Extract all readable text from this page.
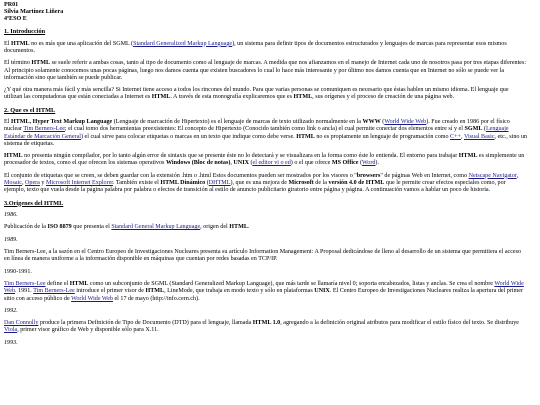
PR01
Silvia Martínez Liñera
4ºESO E
1. Introducción

El HTML no es más que una aplicación del SGML (Standard Generalized Markup Language), un sistema para definir tipos de documentos estructurados y lenguajes de marcas para representar esos mismos documentos.

El término HTML se suele referir a ambas cosas, tanto al tipo de documento como al lenguaje de marcas. A medida que nos afianzamos en el manejo de Internet cada uno de nosotros pasa por tres etapas diferentes: Al principio solamente conocemos unas pocas páginas, luego nos damos cuenta que existen buscadores lo cual lo hace más interesante y por último nos damos cuenta que en Internet no sólo se puede ver la información sino que también se puede publicar.

¿Y qué otra manera más fácil y más sencilla? Si Internet tiene acceso a todos los rincones del mundo. Para que varias personas se comuniquen es necesario que éstas hablen un mismo idioma. El lenguaje que utilizan las computadoras que están conectadas a Internet es HTML. A través de esta monografía explicaremos que es HTML, sus orígenes y el proceso de creación de una página web.

2. Que es el HTML

El HTML, Hyper Text Markup Language (Lenguaje de marcación de Hipertexto) es el lenguaje de marcas de texto utilizado normalmente en la WWW (World Wide Web). Fue creado en 1986 por el físico nuclear Tim Berners-Lee; el cual tomo dos herramientas preexistentes: El concepto de Hipertexto (Conocido también como link o ancla) el cual permite conectar dos elementos entre sí y el SGML (Lenguaje Estándar de Marcación General) el cual sirve para colocar etiquetas o marcas en un texto que indique como debe verse. HTML no es propiamente un lenguaje de programación como C++, Visual Basic, etc., sino un sistema de etiquetas.

HTML no presenta ningún compilador, por lo tanto algún error de sintaxis que se presente éste no lo detectará y se visualizara en la forma como éste lo entienda. El entorno para trabajar HTML es simplemente un procesador de textos, como el que ofrecen los sistemas operativos Windows (Bloc de notas), UNIX (el editor vi o ed) o el que ofrece MS Office (Word).

El conjunto de etiquetas que se creen, se deben guardar con la extensión .htm o .html Estos documentos pueden ser mostrados por los visores o "browsers" de páginas Web en Internet, como Netscape Navigator, Mosaic, Opera y Microsoft Internet Explorer. También existe el HTML Dinámico (DHTML), que es una mejora de Microsoft de la versión 4.0 de HTML que le permite crear efectos especiales como, por ejemplo, texto que vuela desde la página palabra por palabra o efectos de transición al estilo de anuncio publicitario giratorio entre página y página. A continuación vamos a hablar un poco de historia.

3.Origenes del HTML

1986.

Publicación de la ISO 8879 que presenta el Standard General Markup Language, origen del HTML.

1989.

Tim Berners-Lee, a la sazón en el Centro Europeo de Investigaciones Nucleares presenta su artículo Information Management: A Proposal dedicándose de lleno al desarrollo de un sistema que permitiera el acceso en línea de manera uniforme a la información disponible en máquinas que cuentan por redes basadas en TCP/IP.

1990-1991.

Tim Berners-Lee define el HTML como un subconjunto de SGML (Standard Generalized Markup Language), que más tarde se llamaría nivel 0; soporta encabezados, listas y anclas. Se crea el nombre World Wide Web. 1991. Tim Berners-Lee introduce el primer visor de HTML, LineMode, que trabaja en modo texto y sólo en plataformas UNIX. El Centro Europeo de Investigaciones Nucleares realiza la apertura del primer sitio con acceso público de World Wide Web el 17 de mayo (http://info.cern.ch).

1992.

Dan Connolly produce la primera Definición de Tipo de Documento (DTD) para el lenguaje, llamada HTML 1.0, agregando a la definición original atributos para modificar el estilo físico del texto. Se distribuye Viola, primer visor gráfico de Web y disponible sólo para X.11.

1993.
